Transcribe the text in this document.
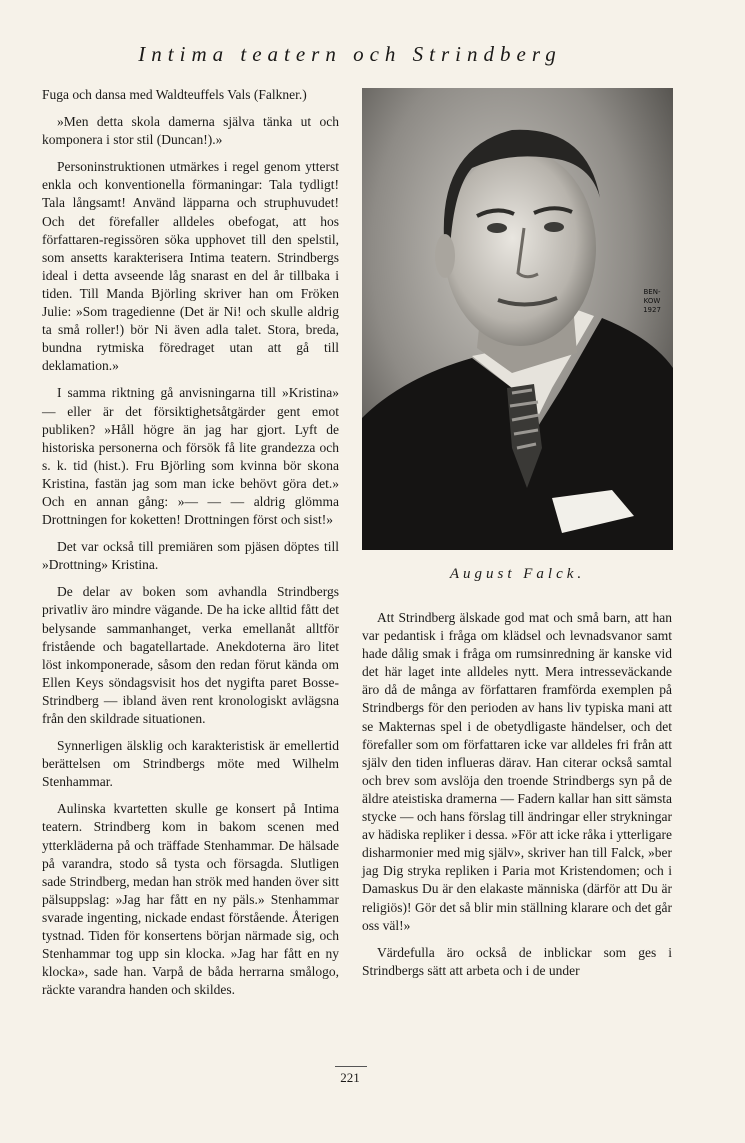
Intima teatern och Strindberg

Fuga och dansa med Waldteuffels Vals (Falkner.)

»Men detta skola damerna själva tänka ut och komponera i stor stil (Duncan!).»

Personinstruktionen utmärkes i regel genom ytterst enkla och konventionella förmaningar: Tala tydligt! Tala långsamt! Använd läpparna och struphuvudet! Och det förefaller alldeles obefogat, att hos författaren-regissören söka upphovet till den spelstil, som ansetts karakterisera Intima teatern. Strindbergs ideal i detta avseende låg snarast en del år tillbaka i tiden. Till Manda Björling skriver han om Fröken Julie: »Som tragedienne (Det är Ni! och skulle aldrig ta små roller!) bör Ni även adla talet. Stora, breda, bundna rytmiska föredraget utan att gå till deklamation.»

I samma riktning gå anvisningarna till »Kristina» — eller är det försiktighetsåtgärder gent emot publiken? »Håll högre än jag har gjort. Lyft de historiska personerna och försök få lite grandezza och s. k. tid (hist.). Fru Björling som kvinna bör skona Kristina, fastän jag som man icke behövt göra det.» Och en annan gång: »— — — aldrig glömma Drottningen for koketten! Drottningen först och sist!»

Det var också till premiären som pjäsen döptes till »Drottning» Kristina.

De delar av boken som avhandla Strindbergs privatliv äro mindre vägande. De ha icke alltid fått det belysande sammanhanget, verka emellanåt alltför fristående och bagatellartade. Anekdoterna äro litet löst inkomponerade, såsom den redan förut kända om Ellen Keys söndagsvisit hos det nygifta paret Bosse-Strindberg — ibland även rent kronologiskt avlägsna från den skildrade situationen.

Synnerligen älsklig och karakteristisk är emellertid berättelsen om Strindbergs möte med Wilhelm Stenhammar.

Aulinska kvartetten skulle ge konsert på Intima teatern. Strindberg kom in bakom scenen med ytterkläderna på och träffade Stenhammar. De hälsade på varandra, stodo så tysta och försagda. Slutligen sade Strindberg, medan han strök med handen över sitt pälsuppslag: »Jag har fått en ny päls.» Stenhammar svarade ingenting, nickade endast förstående. Återigen tystnad. Tiden för konsertens början närmade sig, och Stenhammar tog upp sin klocka. »Jag har fått en ny klocka», sade han. Varpå de båda herrarna smålogo, räckte varandra handen och skildes.

BEN-KOW 1927
August Falck.

Att Strindberg älskade god mat och små barn, att han var pedantisk i fråga om klädsel och levnadsvanor samt hade dålig smak i fråga om rumsinredning är kanske vid det här laget inte alldeles nytt. Mera intresseväckande äro då de många av författaren framförda exemplen på Strindbergs för den perioden av hans liv typiska mani att se Makternas spel i de obetydligaste händelser, och det förefaller som om författaren icke var alldeles fri från att själv den tiden influeras därav. Han citerar också samtal och brev som avslöja den troende Strindbergs syn på de äldre ateistiska dramerna — Fadern kallar han sitt sämsta stycke — och hans förslag till ändringar eller strykningar av hädiska repliker i dessa. »För att icke råka i ytterligare disharmonier med mig själv», skriver han till Falck, »ber jag Dig stryka repliken i Paria mot Kristendomen; och i Damaskus Du är den elakaste människa (därför att Du är religiös)! Gör det så blir min ställning klarare och det går oss väl!»

Värdefulla äro också de inblickar som ges i Strindbergs sätt att arbeta och i de under

221
